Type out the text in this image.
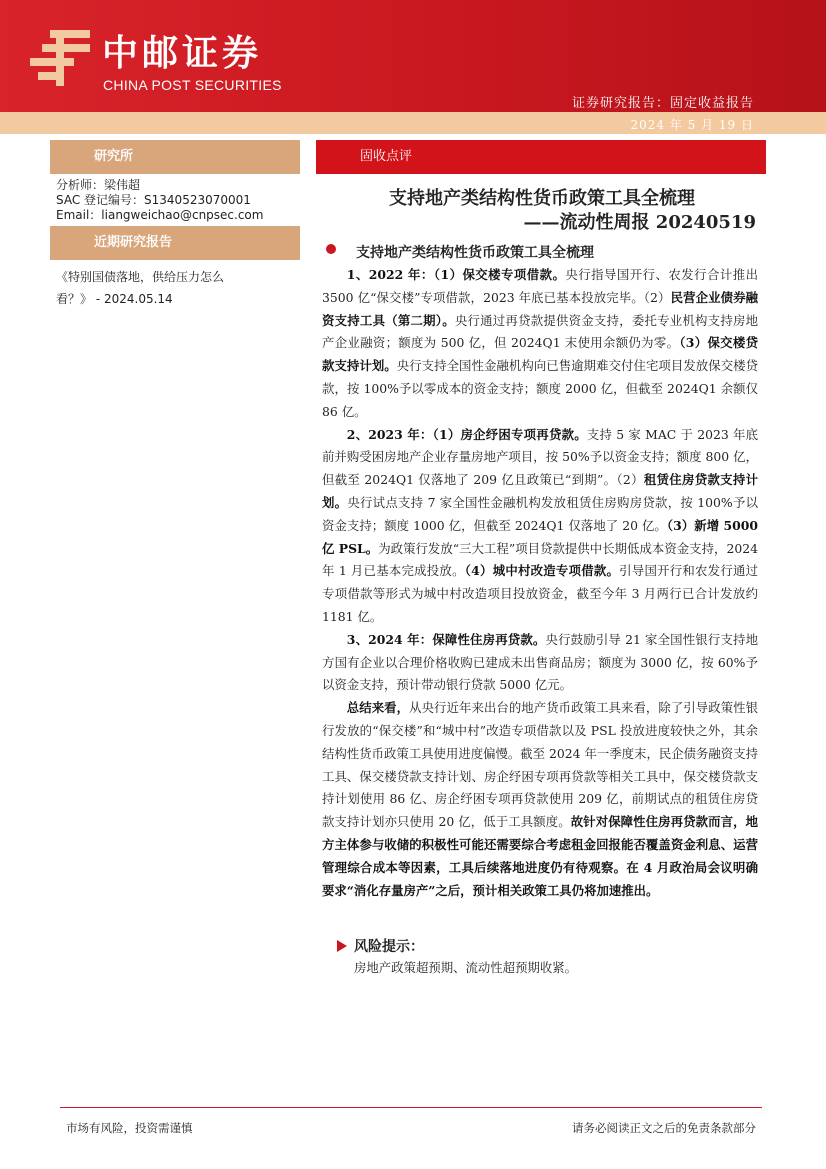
中邮证券
CHINA POST SECURITIES
证券研究报告：固定收益报告
2024 年 5 月 19 日
研究所
分析师：梁伟超
SAC 登记编号：S1340523070001
Email：liangweichao@cnpsec.com
近期研究报告
《特别国债落地，供给压力怎么
看？》 - 2024.05.14
固收点评
支持地产类结构性货币政策工具全梳理
——流动性周报 20240519
支持地产类结构性货币政策工具全梳理

1、2022 年：（1）保交楼专项借款。央行指导国开行、农发行合计推出 3500 亿“保交楼”专项借款，2023 年底已基本投放完毕。（2）民营企业债券融资支持工具（第二期）。央行通过再贷款提供资金支持，委托专业机构支持房地产企业融资；额度为 500 亿，但 2024Q1 末使用余额仍为零。（3）保交楼贷款支持计划。央行支持全国性金融机构向已售逾期难交付住宅项目发放保交楼贷款，按 100%予以零成本的资金支持；额度 2000 亿，但截至 2024Q1 余额仅 86 亿。

2、2023 年：（1）房企纾困专项再贷款。支持 5 家 MAC 于 2023 年底前并购受困房地产企业存量房地产项目，按 50%予以资金支持；额度 800 亿，但截至 2024Q1 仅落地了 209 亿且政策已“到期”。（2）租赁住房贷款支持计划。央行试点支持 7 家全国性金融机构发放租赁住房购房贷款，按 100%予以资金支持；额度 1000 亿，但截至 2024Q1 仅落地了 20 亿。（3）新增 5000 亿 PSL。为政策行发放“三大工程”项目贷款提供中长期低成本资金支持，2024 年 1 月已基本完成投放。（4）城中村改造专项借款。引导国开行和农发行通过专项借款等形式为城中村改造项目投放资金，截至今年 3 月两行已合计发放约 1181 亿。

3、2024 年：保障性住房再贷款。央行鼓励引导 21 家全国性银行支持地方国有企业以合理价格收购已建成未出售商品房；额度为 3000 亿，按 60%予以资金支持，预计带动银行贷款 5000 亿元。

总结来看，从央行近年来出台的地产货币政策工具来看，除了引导政策性银行发放的“保交楼”和“城中村”改造专项借款以及 PSL 投放进度较快之外，其余结构性货币政策工具使用进度偏慢。截至 2024 年一季度末，民企债务融资支持工具、保交楼贷款支持计划、房企纾困专项再贷款等相关工具中，保交楼贷款支持计划使用 86 亿、房企纾困专项再贷款使用 209 亿，前期试点的租赁住房贷款支持计划亦只使用 20 亿，低于工具额度。故针对保障性住房再贷款而言，地方主体参与收储的积极性可能还需要综合考虑租金回报能否覆盖资金利息、运营管理综合成本等因素，工具后续落地进度仍有待观察。在 4 月政治局会议明确要求“消化存量房产”之后，预计相关政策工具仍将加速推出。

风险提示：
房地产政策超预期、流动性超预期收紧。
市场有风险，投资需谨慎	请务必阅读正文之后的免责条款部分
